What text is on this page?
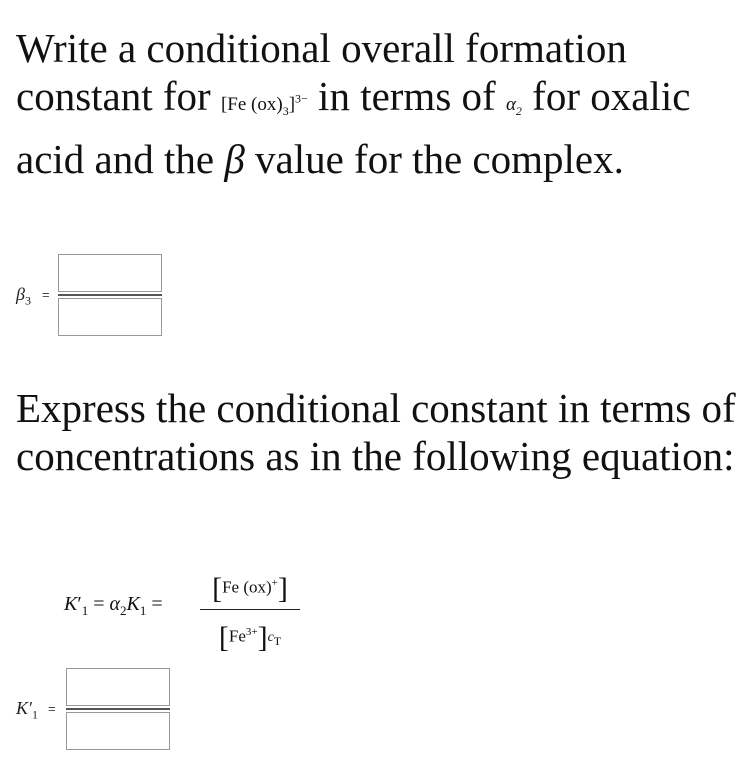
Write a conditional overall formation constant for [Fe $(ox)_3]^{3-}$ in terms of $\alpha_2$ for oxalic acid and the β value for the complex.
$\beta_3$ =
Express the conditional constant in terms of concentrations as in the following equation:
$K'_1 = \alpha_2K_1$ =	[Fe (ox)+]
$[Fe^{3+}]c_T$
$K'_1$ =
